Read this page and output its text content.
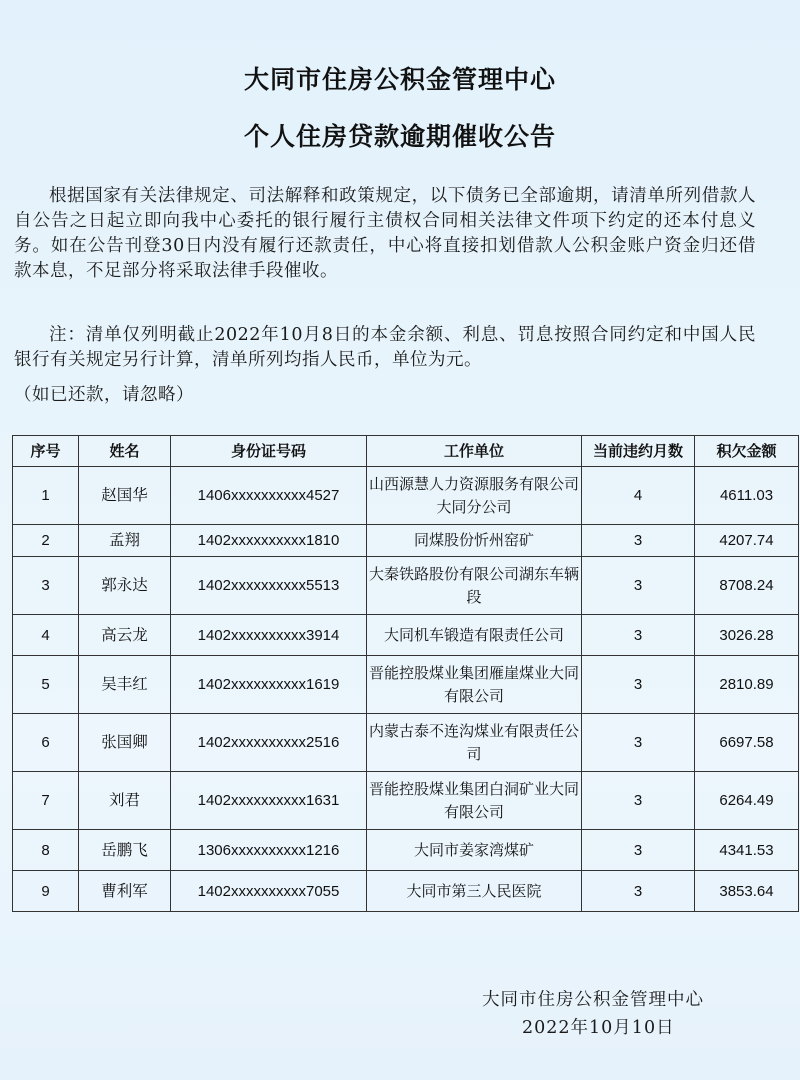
大同市住房公积金管理中心
个人住房贷款逾期催收公告

根据国家有关法律规定、司法解释和政策规定，以下债务已全部逾期，请清单所列借款人自公告之日起立即向我中心委托的银行履行主债权合同相关法律文件项下约定的还本付息义务。如在公告刊登30日内没有履行还款责任，中心将直接扣划借款人公积金账户资金归还借款本息，不足部分将采取法律手段催收。

注：清单仅列明截止2022年10月8日的本金余额、利息、罚息按照合同约定和中国人民银行有关规定另行计算，清单所列均指人民币，单位为元。

（如已还款，请忽略）

序号	姓名	身份证号码	工作单位	当前违约月数	积欠金额
1	赵国华	1406xxxxxxxxxx4527	山西源慧人力资源服务有限公司大同分公司	4	4611.03
2	孟翔	1402xxxxxxxxxx1810	同煤股份忻州窑矿	3	4207.74
3	郭永达	1402xxxxxxxxxx5513	大秦铁路股份有限公司湖东车辆段	3	8708.24
4	高云龙	1402xxxxxxxxxx3914	大同机车锻造有限责任公司	3	3026.28
5	吴丰红	1402xxxxxxxxxx1619	晋能控股煤业集团雁崖煤业大同有限公司	3	2810.89
6	张国卿	1402xxxxxxxxxx2516	内蒙古泰不连沟煤业有限责任公司	3	6697.58
7	刘君	1402xxxxxxxxxx1631	晋能控股煤业集团白洞矿业大同有限公司	3	6264.49
8	岳鹏飞	1306xxxxxxxxxx1216	大同市姜家湾煤矿	3	4341.53
9	曹利军	1402xxxxxxxxxx7055	大同市第三人民医院	3	3853.64
大同市住房公积金管理中心
2022年10月10日
